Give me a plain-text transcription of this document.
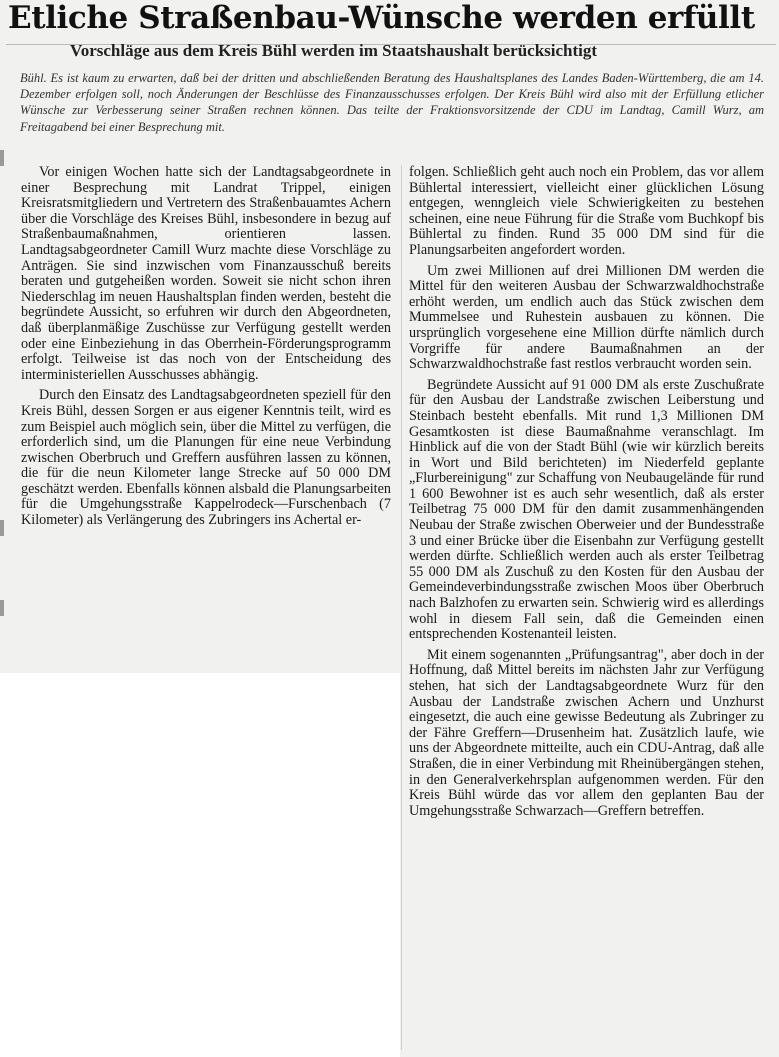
Etliche Straßenbau-Wünsche werden erfüllt
Vorschläge aus dem Kreis Bühl werden im Staatshaushalt berücksichtigt

Bühl. Es ist kaum zu erwarten, daß bei der dritten und abschließenden Beratung des Haushaltsplanes des Landes Baden-Württemberg, die am 14. Dezember erfolgen soll, noch Änderungen der Beschlüsse des Finanzausschusses erfolgen. Der Kreis Bühl wird also mit der Erfüllung etlicher Wünsche zur Verbesserung seiner Straßen rechnen können. Das teilte der Fraktionsvorsitzende der CDU im Landtag, Camill Wurz, am Freitagabend bei einer Besprechung mit.

Vor einigen Wochen hatte sich der Landtagsabgeordnete in einer Besprechung mit Landrat Trippel, einigen Kreisratsmitgliedern und Vertretern des Straßenbauamtes Achern über die Vorschläge des Kreises Bühl, insbesondere in bezug auf Straßenbaumaßnahmen, orientieren lassen. Landtagsabgeordneter Camill Wurz machte diese Vorschläge zu Anträgen. Sie sind inzwischen vom Finanzausschuß bereits beraten und gutgeheißen worden. Soweit sie nicht schon ihren Niederschlag im neuen Haushaltsplan finden werden, besteht die begründete Aussicht, so erfuhren wir durch den Abgeordneten, daß überplanmäßige Zuschüsse zur Verfügung gestellt werden oder eine Einbeziehung in das Oberrhein-Förderungsprogramm erfolgt. Teilweise ist das noch von der Entscheidung des interministeriellen Ausschusses abhängig.

Durch den Einsatz des Landtagsabgeordneten speziell für den Kreis Bühl, dessen Sorgen er aus eigener Kenntnis teilt, wird es zum Beispiel auch möglich sein, über die Mittel zu verfügen, die erforderlich sind, um die Planungen für eine neue Verbindung zwischen Oberbruch und Greffern ausführen lassen zu können, die für die neun Kilometer lange Strecke auf 50 000 DM geschätzt werden. Ebenfalls können alsbald die Planungsarbeiten für die Umgehungsstraße Kappelrodeck—Furschenbach (7 Kilometer) als Verlängerung des Zubringers ins Achertal er-

folgen. Schließlich geht auch noch ein Problem, das vor allem Bühlertal interessiert, vielleicht einer glücklichen Lösung entgegen, wenngleich viele Schwierigkeiten zu bestehen scheinen, eine neue Führung für die Straße vom Buchkopf bis Bühlertal zu finden. Rund 35 000 DM sind für die Planungsarbeiten angefordert worden.

Um zwei Millionen auf drei Millionen DM werden die Mittel für den weiteren Ausbau der Schwarzwaldhochstraße erhöht werden, um endlich auch das Stück zwischen dem Mummelsee und Ruhestein ausbauen zu können. Die ursprünglich vorgesehene eine Million dürfte nämlich durch Vorgriffe für andere Baumaßnahmen an der Schwarzwaldhochstraße fast restlos verbraucht worden sein.

Begründete Aussicht auf 91 000 DM als erste Zuschußrate für den Ausbau der Landstraße zwischen Leiberstung und Steinbach besteht ebenfalls. Mit rund 1,3 Millionen DM Gesamtkosten ist diese Baumaßnahme veranschlagt. Im Hinblick auf die von der Stadt Bühl (wie wir kürzlich bereits in Wort und Bild berichteten) im Niederfeld geplante „Flurbereinigung" zur Schaffung von Neubaugelände für rund 1 600 Bewohner ist es auch sehr wesentlich, daß als erster Teilbetrag 75 000 DM für den damit zusammenhängenden Neubau der Straße zwischen Oberweier und der Bundesstraße 3 und einer Brücke über die Eisenbahn zur Verfügung gestellt werden dürfte. Schließlich werden auch als erster Teilbetrag 55 000 DM als Zuschuß zu den Kosten für den Ausbau der Gemeindeverbindungsstraße zwischen Moos über Oberbruch nach Balzhofen zu erwarten sein. Schwierig wird es allerdings wohl in diesem Fall sein, daß die Gemeinden einen entsprechenden Kostenanteil leisten.

Mit einem sogenannten „Prüfungsantrag", aber doch in der Hoffnung, daß Mittel bereits im nächsten Jahr zur Verfügung stehen, hat sich der Landtagsabgeordnete Wurz für den Ausbau der Landstraße zwischen Achern und Unzhurst eingesetzt, die auch eine gewisse Bedeutung als Zubringer zu der Fähre Greffern—Drusenheim hat. Zusätzlich laufe, wie uns der Abgeordnete mitteilte, auch ein CDU-Antrag, daß alle Straßen, die in einer Verbindung mit Rheinübergängen stehen, in den Generalverkehrsplan aufgenommen werden. Für den Kreis Bühl würde das vor allem den geplanten Bau der Umgehungsstraße Schwarzach—Greffern betreffen.
